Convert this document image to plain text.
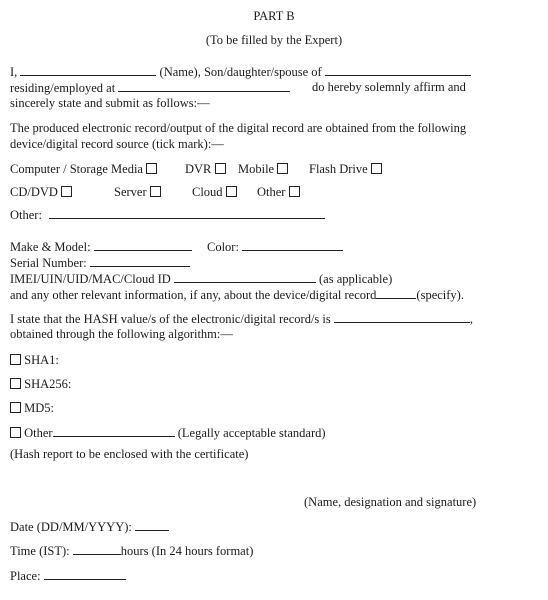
PART B
(To be filled by the Expert)
I,	(Name), Son/daughter/spouse of
residing/employed at	do hereby solemnly affirm and
sincerely state and submit as follows:—
The produced electronic record/output of the digital record are obtained from the following
device/digital record source (tick mark):—
Computer / Storage Media	DVR	Mobile	Flash Drive
CD/DVD	Server	Cloud	Other
Other:
Make & Model:	Color:
Serial Number:
IMEI/UIN/UID/MAC/Cloud ID	(as applicable)
and any other relevant information, if any, about the device/digital record	(specify).
I state that the HASH value/s of the electronic/digital record/s is	,
obtained through the following algorithm:—
SHA1:
SHA256:
MD5:
Other	(Legally acceptable standard)
(Hash report to be enclosed with the certificate)
(Name, designation and signature)
Date (DD/MM/YYYY):
Time (IST):	hours (In 24 hours format)
Place:
